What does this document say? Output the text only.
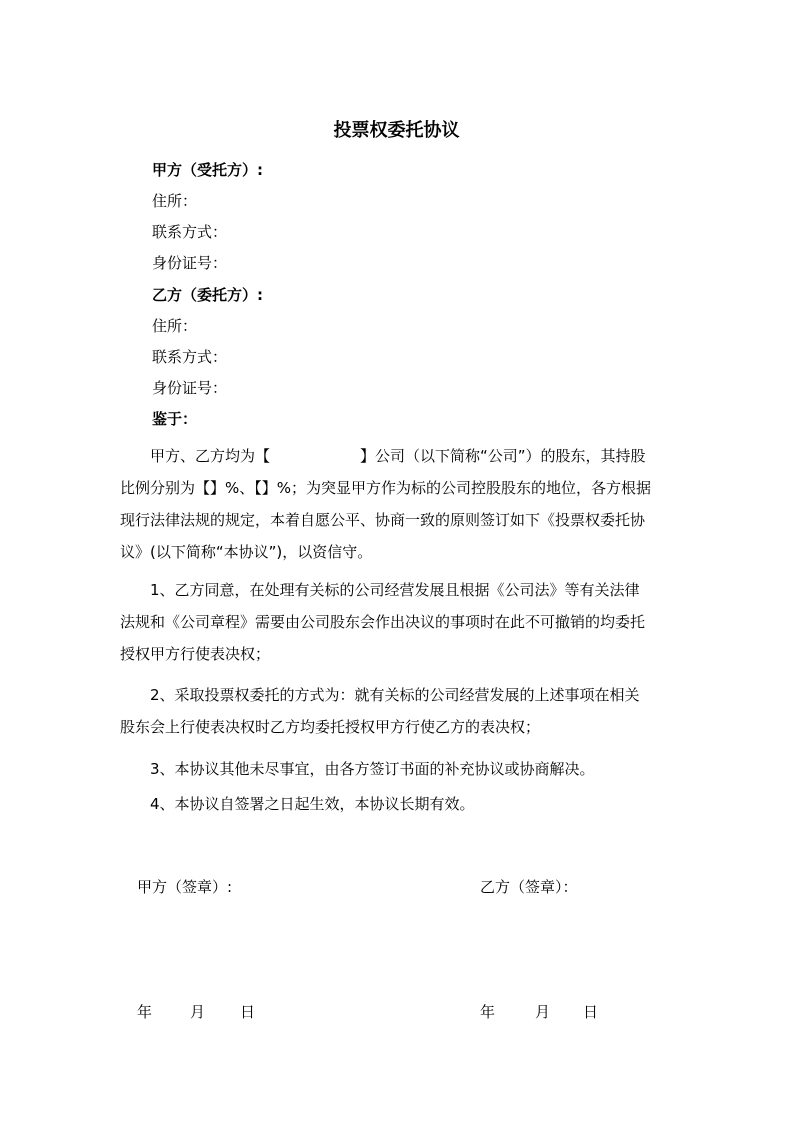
投票权委托协议
甲方（受托方）:
住所：
联系方式：
身份证号：
乙方（委托方）:
住所：
联系方式：
身份证号：
鉴于：

　　甲方、乙方均为【　　　　　　】公司（以下简称“公司”）的股东，其持股

比例分别为【】%、【】%；为突显甲方作为标的公司控股股东的地位，各方根据

现行法律法规的规定，本着自愿公平、协商一致的原则签订如下《投票权委托协

议》(以下简称“本协议”)，以资信守。

　　1、乙方同意，在处理有关标的公司经营发展且根据《公司法》等有关法律

法规和《公司章程》需要由公司股东会作出决议的事项时在此不可撤销的均委托

授权甲方行使表决权；

　　2、采取投票权委托的方式为：就有关标的公司经营发展的上述事项在相关

股东会上行使表决权时乙方均委托授权甲方行使乙方的表决权；

　　3、本协议其他未尽事宜，由各方签订书面的补充协议或协商解决。

　　4、本协议自签署之日起生效，本协议长期有效。

甲方（签章）:	乙方（签章）：
年	月 日	年	月 日
